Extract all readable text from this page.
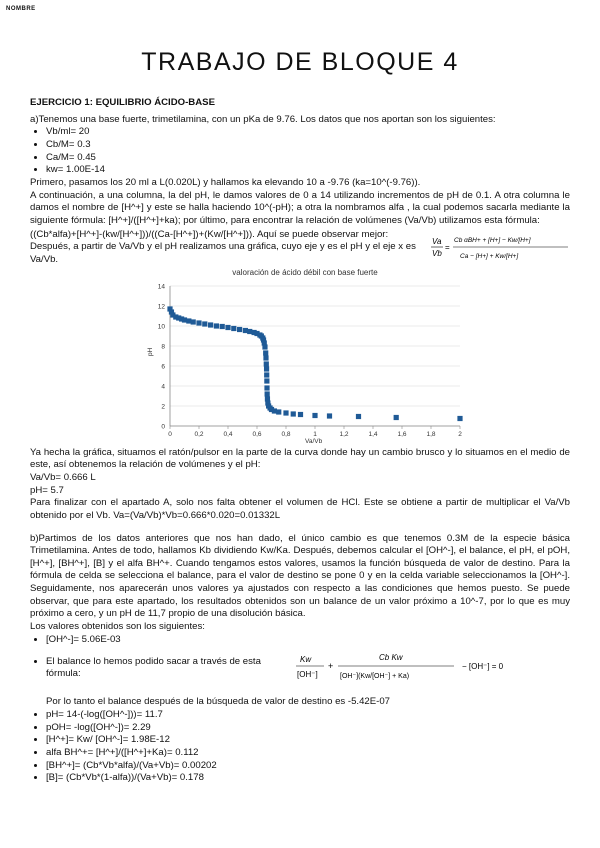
NOMBRE
TRABAJO DE BLOQUE 4
EJERCICIO 1: EQUILIBRIO ÁCIDO-BASE

a)Tenemos una base fuerte, trimetilamina, con un pKa de 9.76. Los datos que nos aportan son los siguientes:

• Vb/ml= 20
• Cb/M= 0.3
• Ca/M= 0.45
• kw= 1.00E-14

Primero, pasamos los 20 ml a L(0.020L) y hallamos ka elevando 10 a -9.76 (ka=10^(-9.76)).

A continuación, a una columna, la del pH, le damos valores de 0 a 14 utilizando incrementos de pH de 0.1. A otra columna le damos el nombre de [H^+] y este se halla haciendo 10^(-pH); a otra la nombramos alfa , la cual podemos sacarla mediante la siguiente fórmula: [H^+]/([H^+]+ka); por último, para encontrar la relación de volúmenes (Va/Vb) utilizamos esta fórmula:

((Cb*alfa)+[H^+]-(kw/[H^+]))/((Ca-[H^+])+(Kw/[H^+])). Aquí se puede observar mejor:

Después, a partir de Va/Vb y el pH realizamos una gráfica, cuyo eje y es el pH y el eje x es Va/Vb.

Va
Vb
=
Cb αBH+ + [H+] − Kw/[H+]
Ca − [H+] + Kw/[H+]
valoración de ácido débil con base fuerte
0
2
4
6
8
10
12
14
0	0,2	0,4	0,6	0,8	1	1,2	1,4	1,6	1,8	2
Va/Vb
pH

Ya hecha la gráfica, situamos el ratón/pulsor en la parte de la curva donde hay un cambio brusco y lo situamos en el medio de este, así obtenemos la relación de volúmenes y el pH:

Va/Vb= 0.666 L

pH= 5.7

Para finalizar con el apartado A, solo nos falta obtener el volumen de HCl. Este se obtiene a partir de multiplicar el Va/Vb obtenido por el Vb. Va=(Va/Vb)*Vb=0.666*0.020=0.01332L

b)Partimos de los datos anteriores que nos han dado, el único cambio es que tenemos 0.3M de la especie básica Trimetilamina. Antes de todo, hallamos Kb dividiendo Kw/Ka. Después, debemos calcular el [OH^-], el balance, el pH, el pOH, [H^+], [BH^+], [B] y el alfa BH^+. Cuando tengamos estos valores, usamos la función búsqueda de valor de destino. Para la fórmula de celda se selecciona el balance, para el valor de destino se pone 0 y en la celda variable seleccionamos la [OH^-]. Seguidamente, nos aparecerán unos valores ya ajustados con respecto a las condiciones que hemos puesto. Se puede observar, que para este apartado, los resultados obtenidos son un balance de un valor próximo a 10^-7, por lo que es muy próximo a cero, y un pH de 11,7 propio de una disolución básica.

Los valores obtenidos son los siguientes:

• [OH^-]= 5.06E-03
• El balance lo hemos podido sacar a través de esta fórmula:
Kw
[OH⁻]
+
Cb Kw
[OH⁻](Kw/[OH⁻] + Ka)
− [OH⁻] = 0

Por lo tanto el balance después de la búsqueda de valor de destino es -5.42E-07

• pH= 14-(-log([OH^-]))= 11.7
• pOH= -log([OH^-])= 2.29
• [H^+]= Kw/ [OH^-]= 1.98E-12
• alfa BH^+= [H^+]/([H^+]+Ka)= 0.112
• [BH^+]= (Cb*Vb*alfa)/(Va+Vb)= 0.00202
• [B]= (Cb*Vb*(1-alfa))/(Va+Vb)= 0.178
